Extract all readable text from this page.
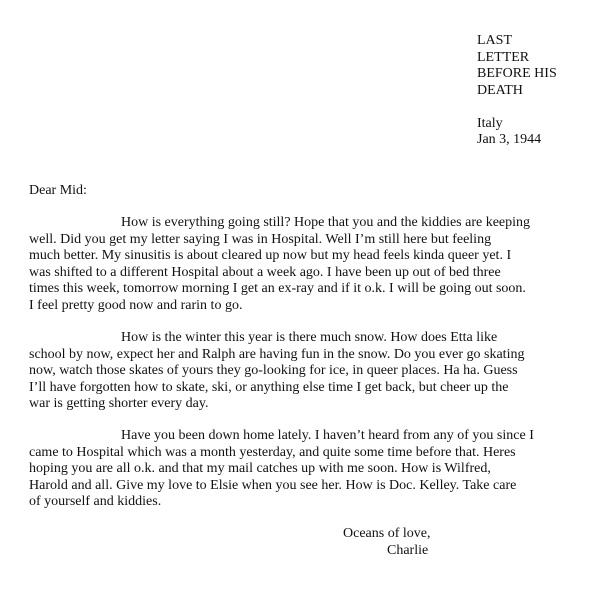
LAST
LETTER
BEFORE HIS
DEATH
Italy
Jan 3, 1944
Dear Mid:
How is everything going still? Hope that you and the kiddies are keeping
well. Did you get my letter saying I was in Hospital. Well I’m still here but feeling
much better. My sinusitis is about cleared up now but my head feels kinda queer yet. I
was shifted to a different Hospital about a week ago. I have been up out of bed three
times this week, tomorrow morning I get an ex-ray and if it o.k. I will be going out soon.
I feel pretty good now and rarin to go.
How is the winter this year is there much snow. How does Etta like
school by now, expect her and Ralph are having fun in the snow. Do you ever go skating
now, watch those skates of yours they go-looking for ice, in queer places. Ha ha. Guess
I’ll have forgotten how to skate, ski, or anything else time I get back, but cheer up the
war is getting shorter every day.
Have you been down home lately. I haven’t heard from any of you since I
came to Hospital which was a month yesterday, and quite some time before that. Heres
hoping you are all o.k. and that my mail catches up with me soon. How is Wilfred,
Harold and all. Give my love to Elsie when you see her. How is Doc. Kelley. Take care
of yourself and kiddies.
Oceans of love,
Charlie
